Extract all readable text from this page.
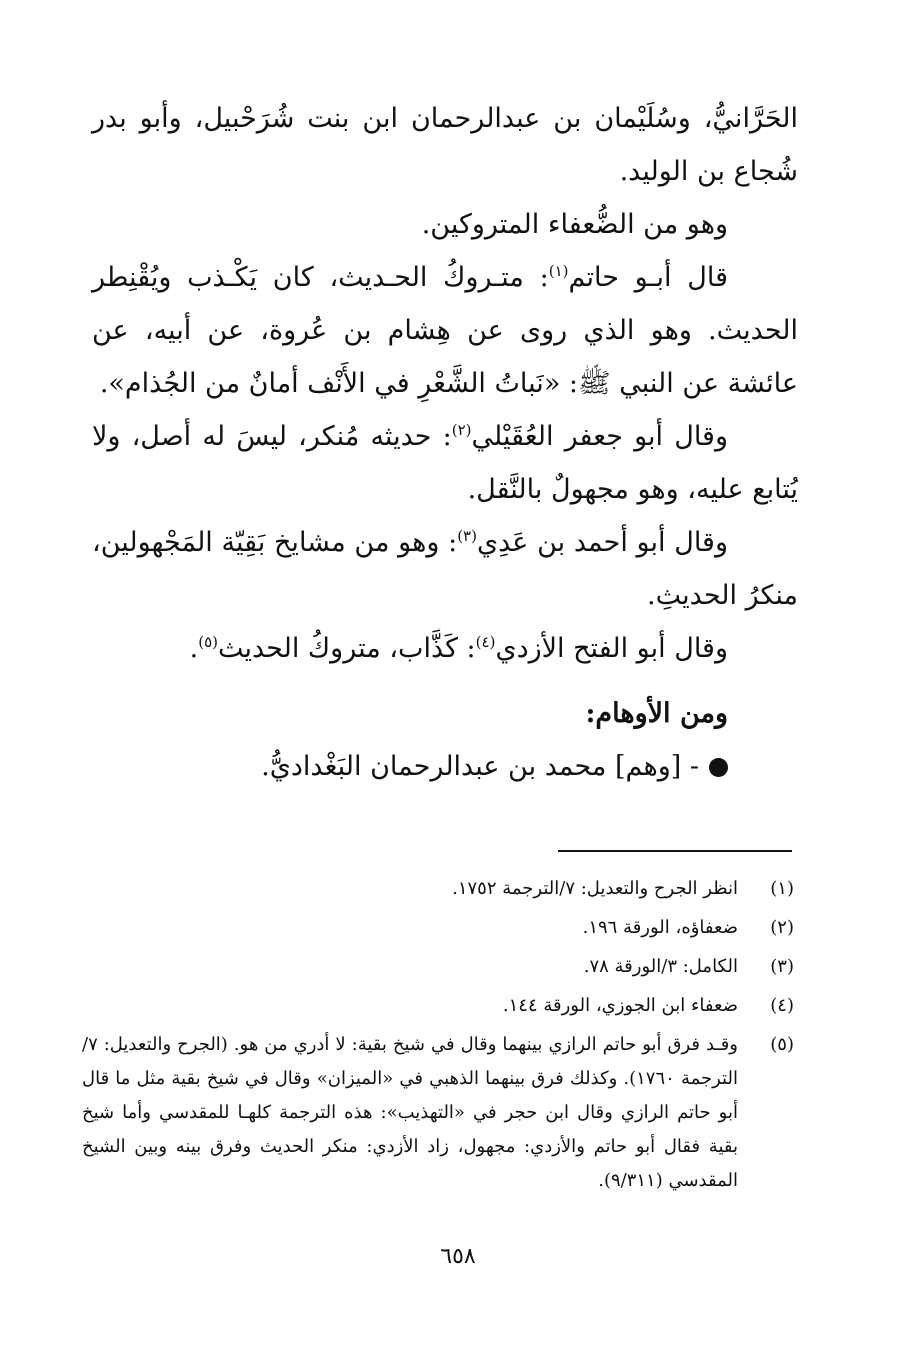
الحَرَّانيُّ، وسُلَيْمان بن عبدالرحمان ابن بنت شُرَحْبيل، وأبو بدر شُجاع بن الوليد.

وهو من الضُّعفاء المتروكين.

قال أبـو حاتم$^{(١)}$: متـروكُ الحـديث، كان يَكْـذب ويُقْنِطر الحديث. وهو الذي روى عن هِشام بن عُروة، عن أبيه، عن عائشة عن النبي ﷺ: «نَباتُ الشَّعْرِ في الأَنْف أمانٌ من الجُذام».

وقال أبو جعفر العُقَيْلي$^{(٢)}$: حديثه مُنكر، ليسَ له أصل، ولا يُتابع عليه، وهو مجهولٌ بالنَّقل.

وقال أبو أحمد بن عَدِي$^{(٣)}$: وهو من مشايخ بَقِيّة المَجْهولين، منكرُ الحديثِ.

وقال أبو الفتح الأزدي$^{(٤)}$: كَذَّاب، متروكُ الحديث$^{(٥)}$.

ومن الأوهام:

- [وهم] محمد بن عبدالرحمان البَغْداديُّ.

(١)
انظر الجرح والتعديل: ٧/الترجمة ١٧٥٢.
(٢)
ضعفاؤه، الورقة ١٩٦.
(٣)
الكامل: ٣/الورقة ٧٨.
(٤)
ضعفاء ابن الجوزي، الورقة ١٤٤.
(٥)
وقـد فرق أبو حاتم الرازي بينهما وقال في شيخ بقية: لا أدري من هو. (الجرح والتعديل: ٧/الترجمة ١٧٦٠). وكذلك فرق بينهما الذهبي في «الميزان» وقال في شيخ بقية مثل ما قال أبو حاتم الرازي وقال ابن حجر في «التهذيب»: هذه الترجمة كلهـا للمقدسي وأما شيخ بقية فقال أبو حاتم والأزدي: مجهول، زاد الأزدي: منكر الحديث وفرق بينه وبين الشيخ المقدسي (٩/٣١١).
٦٥٨
